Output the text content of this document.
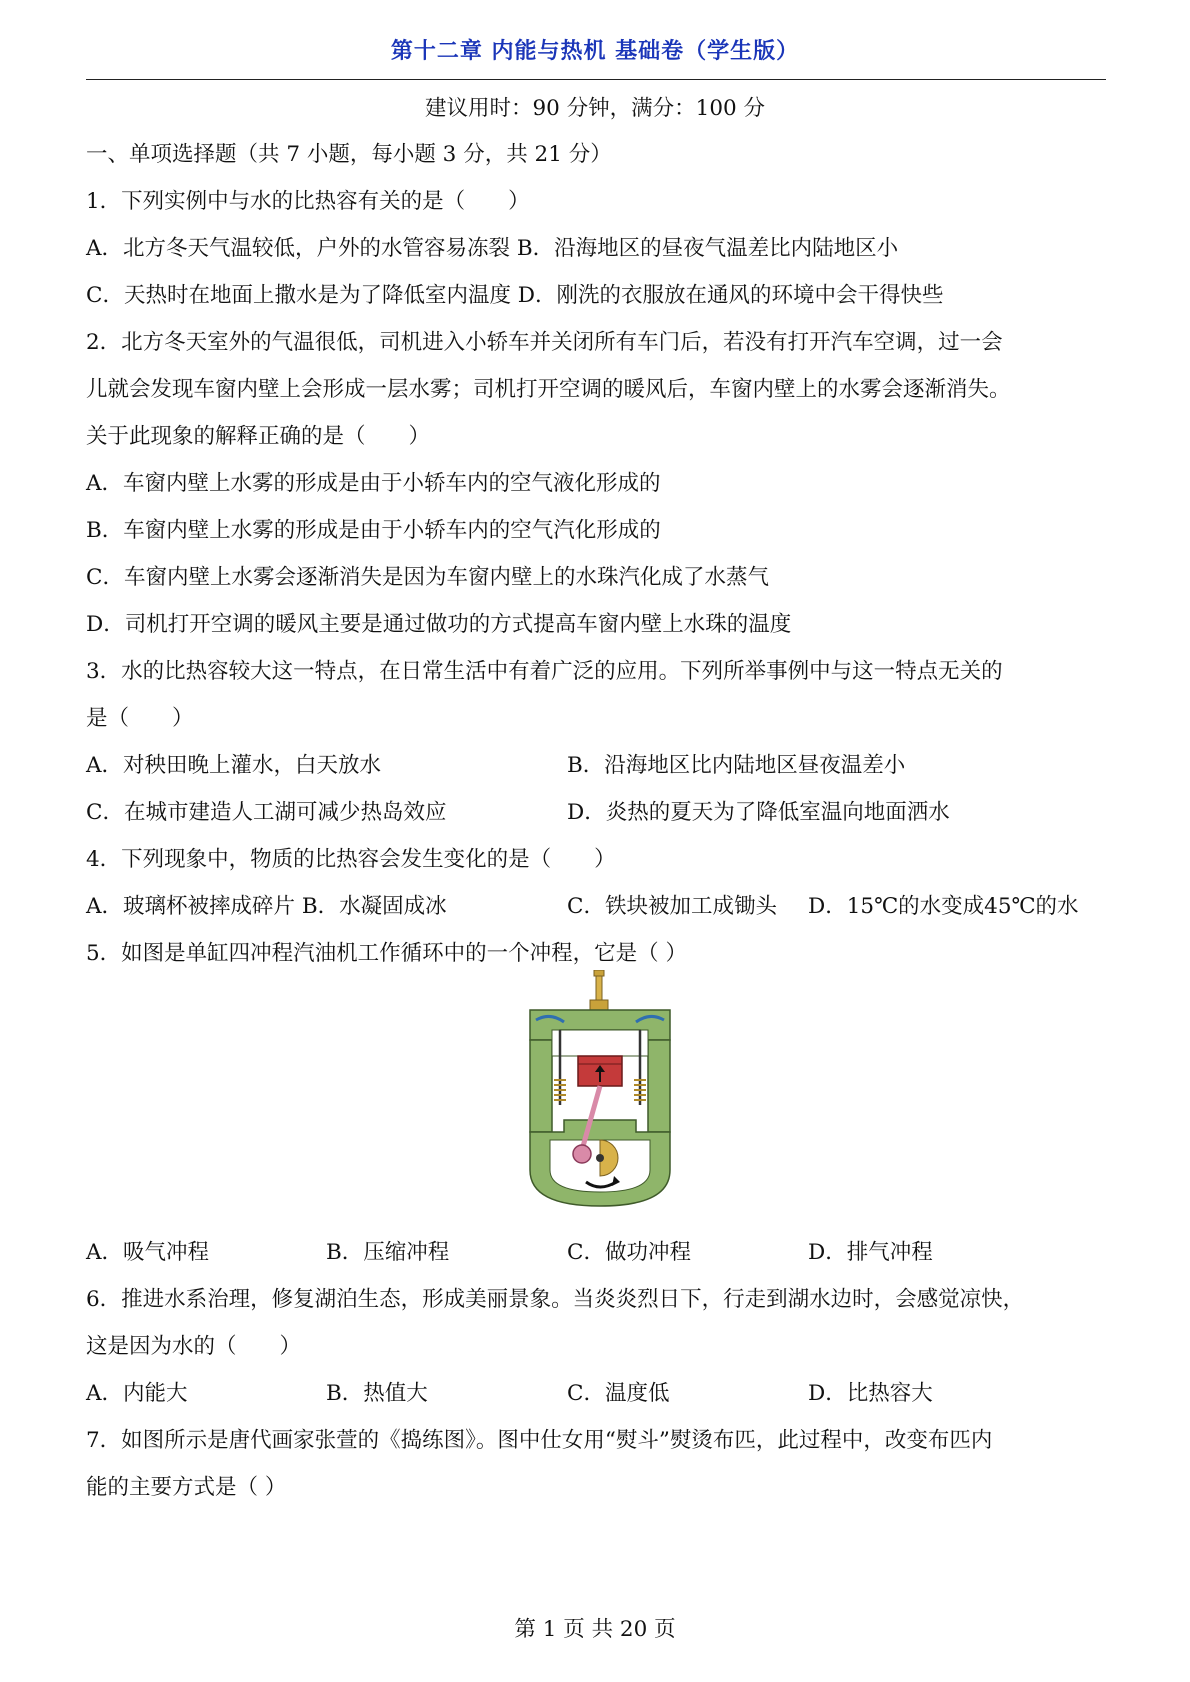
第十二章 内能与热机 基础卷（学生版）
建议用时：90 分钟，满分：100 分
一、单项选择题（共 7 小题，每小题 3 分，共 21 分）
1．下列实例中与水的比热容有关的是（　　）
A．北方冬天气温较低，户外的水管容易冻裂 B．沿海地区的昼夜气温差比内陆地区小
C．天热时在地面上撒水是为了降低室内温度 D．刚洗的衣服放在通风的环境中会干得快些
2．北方冬天室外的气温很低，司机进入小轿车并关闭所有车门后，若没有打开汽车空调，过一会
儿就会发现车窗内壁上会形成一层水雾；司机打开空调的暖风后，车窗内壁上的水雾会逐渐消失。
关于此现象的解释正确的是（　　）
A．车窗内壁上水雾的形成是由于小轿车内的空气液化形成的
B．车窗内壁上水雾的形成是由于小轿车内的空气汽化形成的
C．车窗内壁上水雾会逐渐消失是因为车窗内壁上的水珠汽化成了水蒸气
D．司机打开空调的暖风主要是通过做功的方式提高车窗内壁上水珠的温度
3．水的比热容较大这一特点，在日常生活中有着广泛的应用。下列所举事例中与这一特点无关的
是（　　）
A．对秧田晚上灌水，白天放水	B．沿海地区比内陆地区昼夜温差小
C．在城市建造人工湖可减少热岛效应	D．炎热的夏天为了降低室温向地面洒水
4．下列现象中，物质的比热容会发生变化的是（　　）
A．玻璃杯被摔成碎片 B．水凝固成冰	C．铁块被加工成锄头 D．15℃的水变成45℃的水
5．如图是单缸四冲程汽油机工作循环中的一个冲程，它是（ ）
A．吸气冲程	B．压缩冲程	C．做功冲程	D．排气冲程
6．推进水系治理，修复湖泊生态，形成美丽景象。当炎炎烈日下，行走到湖水边时，会感觉凉快，
这是因为水的（　　）
A．内能大	B．热值大	C．温度低	D．比热容大
7．如图所示是唐代画家张萱的《捣练图》。图中仕女用“熨斗”熨烫布匹，此过程中，改变布匹内
能的主要方式是（ ）
第 1 页 共 20 页
